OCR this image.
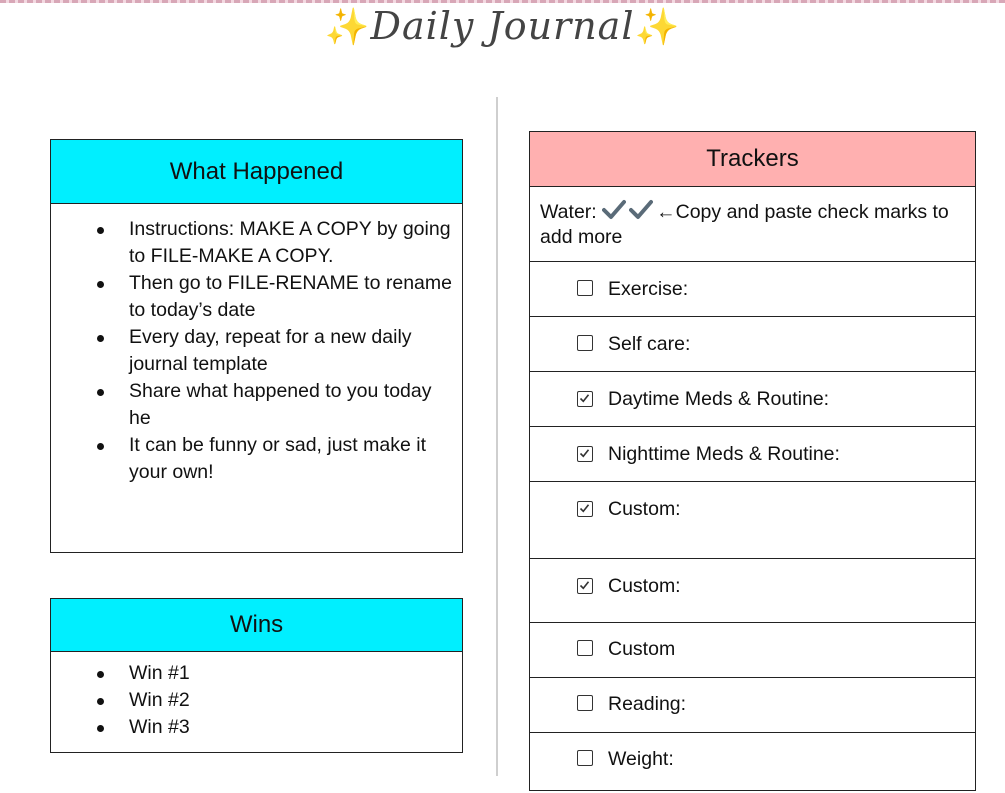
✨Daily Journal✨
What Happened
Instructions: MAKE A COPY by going to FILE-MAKE A COPY.
Then go to FILE-RENAME to rename to today’s date
Every day, repeat for a new daily journal template
Share what happened to you today he
It can be funny or sad, just make it your own!
Wins
Win #1
Win #2
Win #3
Trackers
Water:	←Copy and paste check marks to add more
Exercise:
Self care:
Daytime Meds & Routine:
Nighttime Meds & Routine:
Custom:
Custom:
Custom
Reading:
Weight:
